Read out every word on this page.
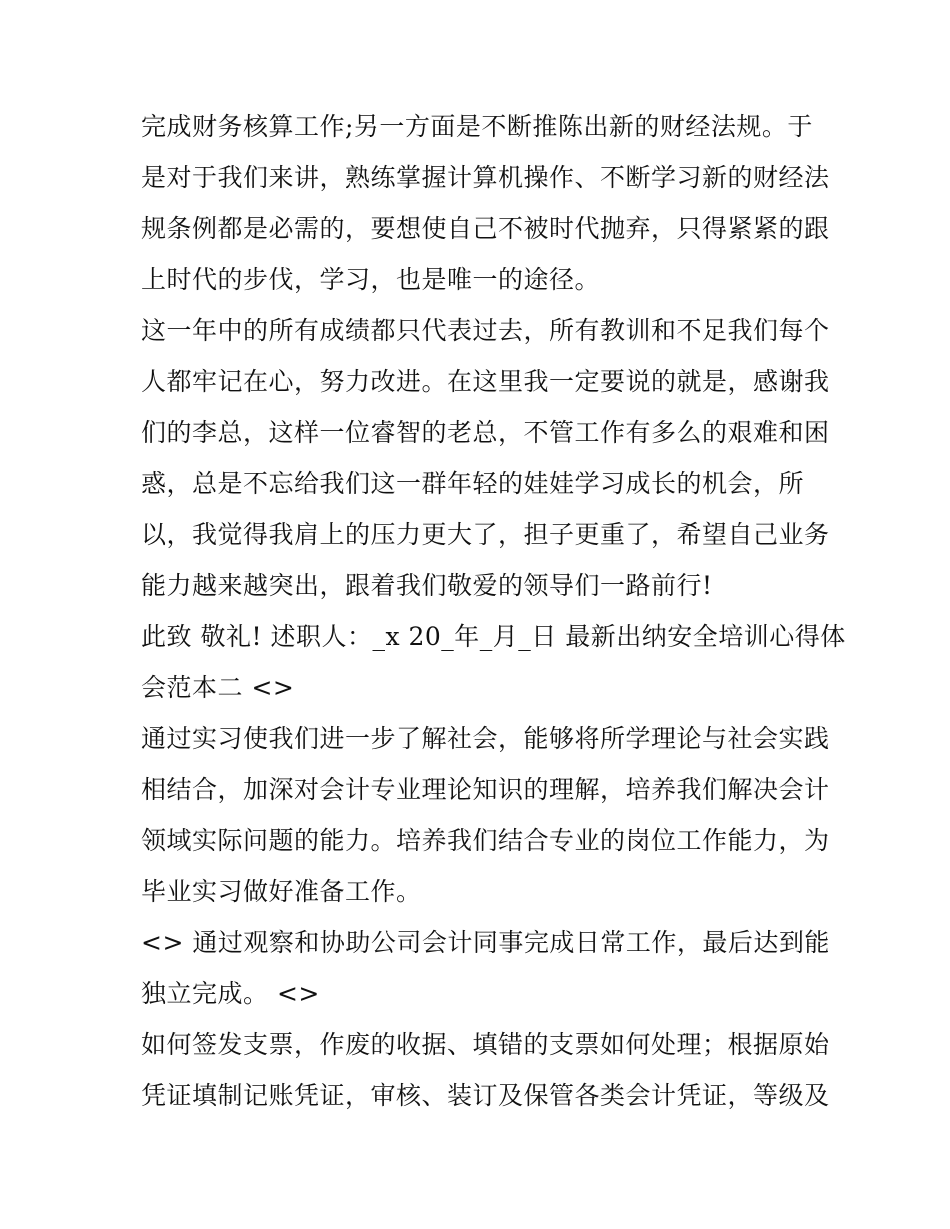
完成财务核算工作;另一方面是不断推陈出新的财经法规。于
是对于我们来讲，熟练掌握计算机操作、不断学习新的财经法
规条例都是必需的，要想使自己不被时代抛弃，只得紧紧的跟
上时代的步伐，学习，也是唯一的途径。
这一年中的所有成绩都只代表过去，所有教训和不足我们每个
人都牢记在心，努力改进。在这里我一定要说的就是，感谢我
们的李总，这样一位睿智的老总，不管工作有多么的艰难和困
惑，总是不忘给我们这一群年轻的娃娃学习成长的机会，所
以，我觉得我肩上的压力更大了，担子更重了，希望自己业务
能力越来越突出，跟着我们敬爱的领导们一路前行!
此致 敬礼! 述职人：_x 20_年_月_日 最新出纳安全培训心得体
会范本二 <>
通过实习使我们进一步了解社会，能够将所学理论与社会实践
相结合，加深对会计专业理论知识的理解，培养我们解决会计
领域实际问题的能力。培养我们结合专业的岗位工作能力，为
毕业实习做好准备工作。
<> 通过观察和协助公司会计同事完成日常工作，最后达到能
独立完成。 <>
如何签发支票，作废的收据、填错的支票如何处理；根据原始
凭证填制记账凭证，审核、装订及保管各类会计凭证，等级及
